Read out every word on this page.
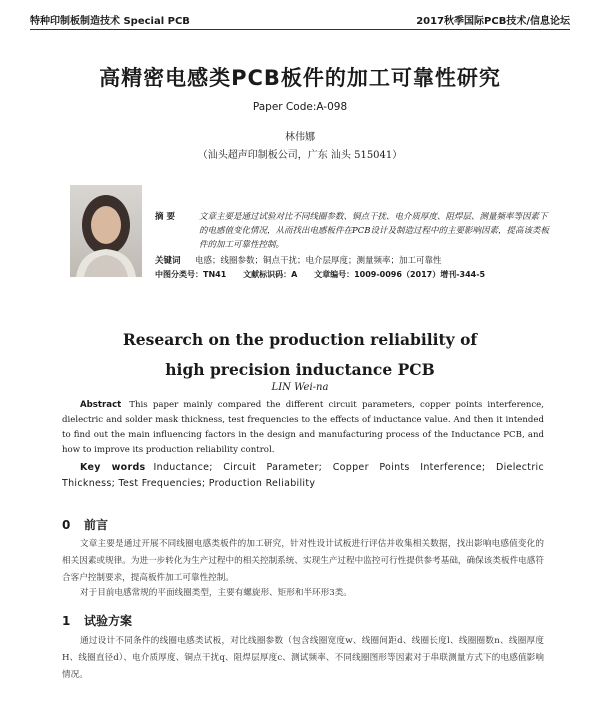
特种印制板制造技术 Special PCB	2017秋季国际PCB技术/信息论坛
高精密电感类PCB板件的加工可靠性研究
Paper Code:A-098
林伟娜
（汕头超声印制板公司，广东 汕头 515041）
摘 要	文章主要是通过试验对比不同线圈参数、铜点干扰、电介质厚度、阻焊层、测量频率等因素下的电感值变化情况，从而找出电感板件在PCB设计及制造过程中的主要影响因素，提高该类板件的加工可靠性控制。
关键词 电感；线圈参数；铜点干扰；电介层厚度；测量频率；加工可靠性
中图分类号：TN41 文献标识码：A 文章编号：1009-0096（2017）增刊-344-5
Research on the production reliability of
high precision inductance PCB
LIN Wei-na
Abstract This paper mainly compared the different circuit parameters, copper points interference, dielectric and solder mask thickness, test frequencies to the effects of inductance value. And then it intended to find out the main influencing factors in the design and manufacturing process of the Inductance PCB, and how to improve its production reliability control.
Key words Inductance; Circuit Parameter; Copper Points Interference; Dielectric Thickness; Test Frequencies; Production Reliability
0 前言
文章主要是通过开展不同线圈电感类板件的加工研究，针对性设计试板进行评估并收集相关数据，找出影响电感值变化的相关因素或规律。为进一步转化为生产过程中的相关控制系统、实现生产过程中监控可行性提供参考基础，确保该类板件电感符合客户控制要求，提高板件加工可靠性控制。
对于目前电感常规的平面线圈类型，主要有螺旋形、矩形和半环形3类。
1 试验方案
通过设计不同条件的线圈电感类试板，对比线圈参数（包含线圈宽度w、线圈间距d、线圈长度l、线圈圈数n、线圈厚度H、线圈直径d）、电介质厚度、铜点干扰q、阻焊层厚度c、测试频率、不同线圈图形等因素对于串联测量方式下的电感值影响情况。
